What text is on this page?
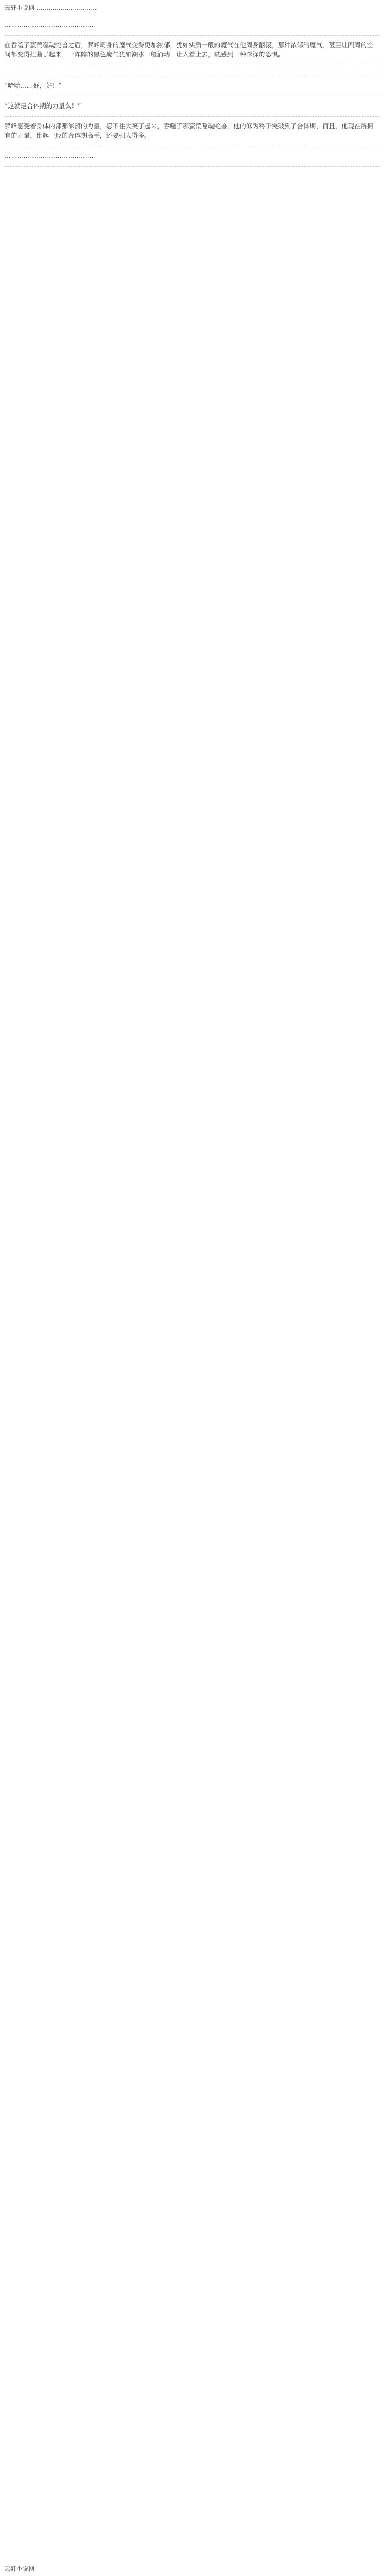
云轩小说网 …………………………
……………………………………
在吞噬了蛮荒噬魂蛇兽之后，罗峰周身的魔气变得更加浓郁，犹如实质一般的魔气在他周身翻滚，那种浓郁的魔气，甚至让四周的空间都变得扭曲了起来，一阵阵的黑色魔气犹如潮水一般涌动，让人看上去，就感到一种深深的恐惧。
“哈哈……好，好！”
“这就是合体期的力量么！”
罗峰感受着身体内部那澎湃的力量，忍不住大笑了起来，吞噬了那蛮荒噬魂蛇兽，他的修为终于突破到了合体期，而且，他现在所拥有的力量，比起一般的合体期高手，还要强大得多。
……………………………………
云轩小说网
